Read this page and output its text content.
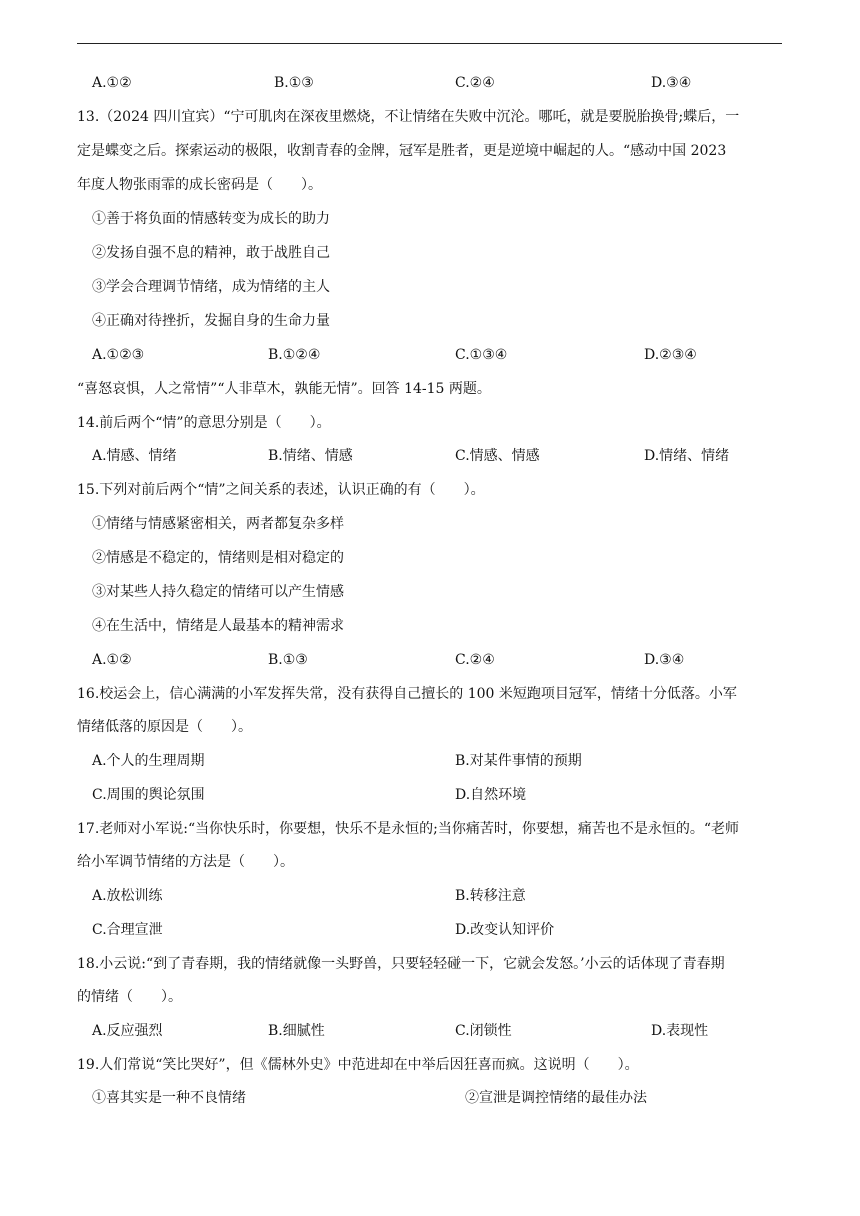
A.①②	B.①③	C.②④	D.③④
13.（2024 四川宜宾）“宁可肌肉在深夜里燃烧，不让情绪在失败中沉沦。哪吒，就是要脱胎换骨;蝶后，一
定是蝶变之后。探索运动的极限，收割青春的金牌，冠军是胜者，更是逆境中崛起的人。“感动中国 2023
年度人物张雨霏的成长密码是（　　）。
①善于将负面的情感转变为成长的助力
②发扬自强不息的精神，敢于战胜自己
③学会合理调节情绪，成为情绪的主人
④正确对待挫折，发掘自身的生命力量
A.①②③	B.①②④	C.①③④	D.②③④
“喜怒哀惧，人之常情”“人非草木，孰能无情”。回答 14-15 两题。
14.前后两个“情”的意思分别是（　　）。
A.情感、情绪	B.情绪、情感	C.情感、情感	D.情绪、情绪
15.下列对前后两个“情”之间关系的表述，认识正确的有（　　）。
①情绪与情感紧密相关，两者都复杂多样
②情感是不稳定的，情绪则是相对稳定的
③对某些人持久稳定的情绪可以产生情感
④在生活中，情绪是人最基本的精神需求
A.①②	B.①③	C.②④	D.③④
16.校运会上，信心满满的小军发挥失常，没有获得自己擅长的 100 米短跑项目冠军，情绪十分低落。小军
情绪低落的原因是（　　）。
A.个人的生理周期	B.对某件事情的预期
C.周围的舆论氛围	D.自然环境
17.老师对小军说:“当你快乐时，你要想，快乐不是永恒的;当你痛苦时，你要想，痛苦也不是永恒的。“老师
给小军调节情绪的方法是（　　）。
A.放松训练	B.转移注意
C.合理宣泄	D.改变认知评价
18.小云说:“到了青春期，我的情绪就像一头野兽，只要轻轻碰一下，它就会发怒。’小云的话体现了青春期
的情绪（　　）。
A.反应强烈	B.细腻性	C.闭锁性	D.表现性
19.人们常说“笑比哭好”，但《儒林外史》中范进却在中举后因狂喜而疯。这说明（　　）。
①喜其实是一种不良情绪	②宣泄是调控情绪的最佳办法
